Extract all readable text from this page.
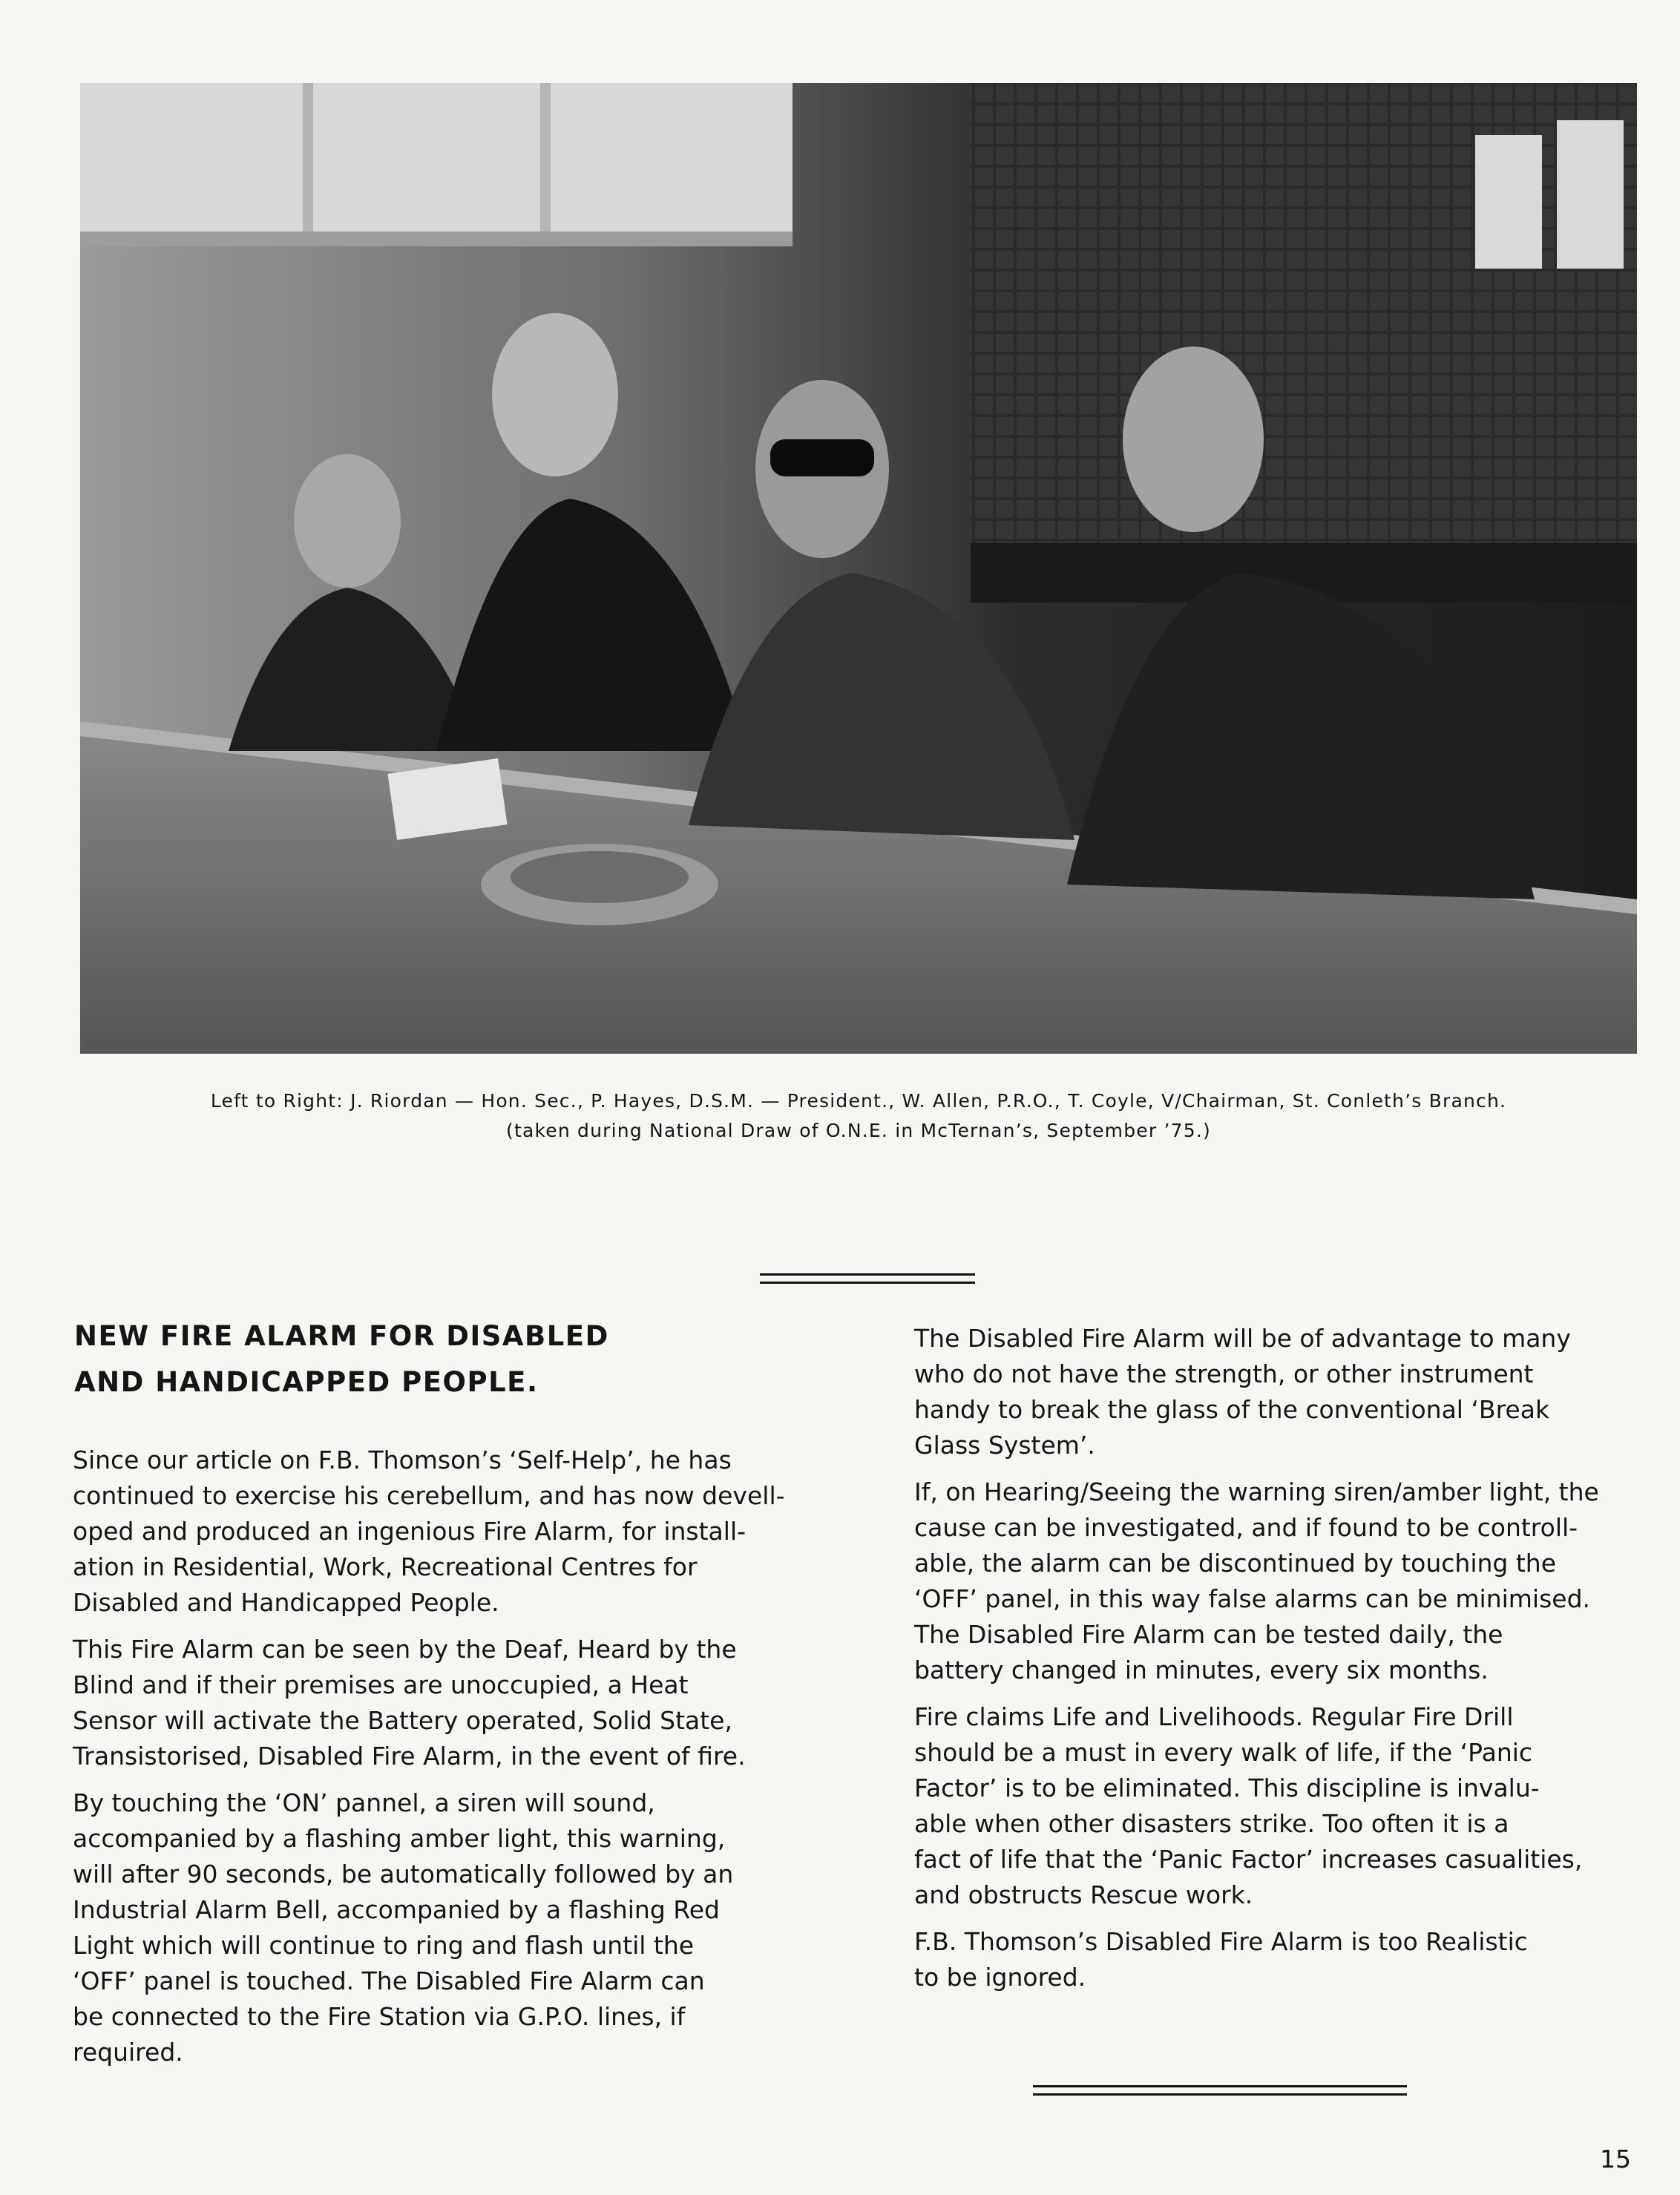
Left to Right: J. Riordan — Hon. Sec., P. Hayes, D.S.M. — President., W. Allen, P.R.O., T. Coyle, V/Chairman, St. Conleth’s Branch.
(taken during National Draw of O.N.E. in McTernan’s, September ’75.)
NEW FIRE ALARM FOR DISABLED
AND HANDICAPPED PEOPLE.

Since our article on F.B. Thomson’s ‘Self-Help’, he has
continued to exercise his cerebellum, and has now devell-
oped and produced an ingenious Fire Alarm, for install-
ation in Residential, Work, Recreational Centres for
Disabled and Handicapped People.

This Fire Alarm can be seen by the Deaf, Heard by the
Blind and if their premises are unoccupied, a Heat
Sensor will activate the Battery operated, Solid State,
Transistorised, Disabled Fire Alarm, in the event of fire.

By touching the ‘ON’ pannel, a siren will sound,
accompanied by a flashing amber light, this warning,
will after 90 seconds, be automatically followed by an
Industrial Alarm Bell, accompanied by a flashing Red
Light which will continue to ring and flash until the
‘OFF’ panel is touched. The Disabled Fire Alarm can
be connected to the Fire Station via G.P.O. lines, if
required.

The Disabled Fire Alarm will be of advantage to many
who do not have the strength, or other instrument
handy to break the glass of the conventional ‘Break
Glass System’.

If, on Hearing/Seeing the warning siren/amber light, the
cause can be investigated, and if found to be controll-
able, the alarm can be discontinued by touching the
‘OFF’ panel, in this way false alarms can be minimised.
The Disabled Fire Alarm can be tested daily, the
battery changed in minutes, every six months.

Fire claims Life and Livelihoods. Regular Fire Drill
should be a must in every walk of life, if the ‘Panic
Factor’ is to be eliminated. This discipline is invalu-
able when other disasters strike. Too often it is a
fact of life that the ‘Panic Factor’ increases casualities,
and obstructs Rescue work.

F.B. Thomson’s Disabled Fire Alarm is too Realistic
to be ignored.

15
